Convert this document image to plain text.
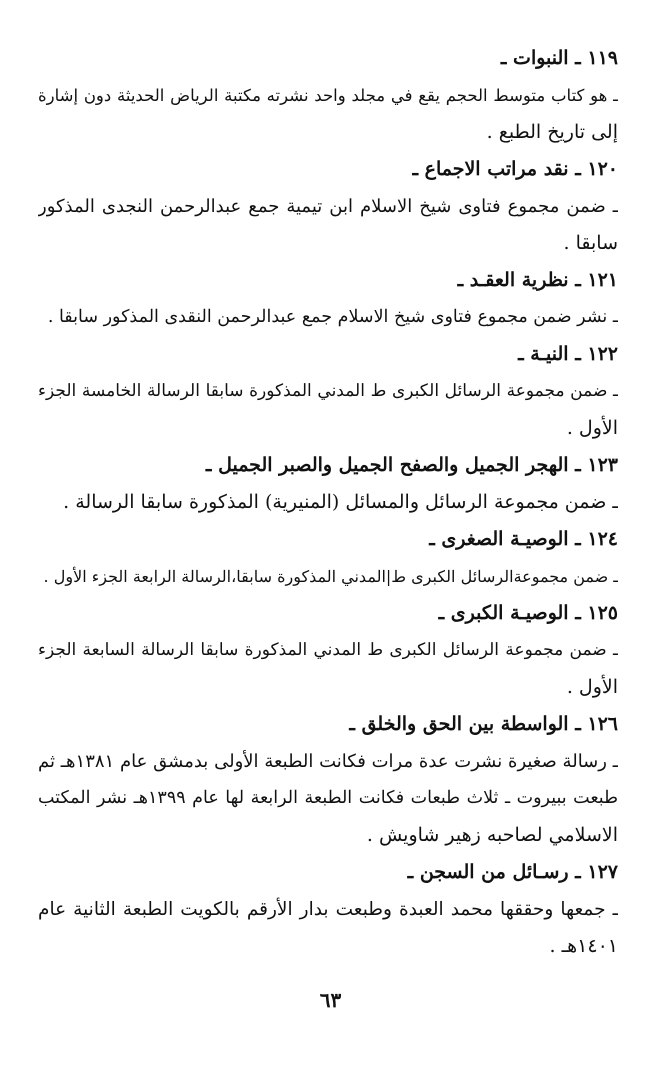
١١٩ ـ النبوات ـ
ـ هو كتاب متوسط الحجم يقع في مجلد واحد نشرته مكتبة الرياض الحديثة دون إشارة
إلى تاريخ الطبع .
١٢٠ ـ نقد مراتب الاجماع ـ
ـ ضمن مجموع فتاوى شيخ الاسلام ابن تيمية جمع عبدالرحمن النجدى المذكور
سابقا .
١٢١ ـ نظرية العقـد ـ
ـ نشر ضمن مجموع فتاوى شيخ الاسلام جمع عبدالرحمن النقدى المذكور سابقا .
١٢٢ ـ النيـة ـ
ـ ضمن مجموعة الرسائل الكبرى ط المدني المذكورة سابقا الرسالة الخامسة الجزء
الأول .
١٢٣ ـ الهجر الجميل والصفح الجميل والصبر الجميل ـ
ـ ضمن مجموعة الرسائل والمسائل (المنيرية) المذكورة سابقا الرسالة .
١٢٤ ـ الوصيـة الصغرى ـ
ـ ضمن مجموعةالرسائل الكبرى ط|المدني المذكورة سابقا،الرسالة الرابعة الجزء الأول .
١٢٥ ـ الوصيـة الكبرى ـ
ـ ضمن مجموعة الرسائل الكبرى ط المدني المذكورة سابقا الرسالة السابعة الجزء
الأول .
١٢٦ ـ الواسطة بين الحق والخلق ـ
ـ رسالة صغيرة نشرت عدة مرات فكانت الطبعة الأولى بدمشق عام ١٣٨١هـ ثم
طبعت ببيروت ـ ثلاث طبعات فكانت الطبعة الرابعة لها عام ١٣٩٩هـ نشر المكتب
الاسلامي لصاحبه زهير شاويش .
١٢٧ ـ رسـائل من السجن ـ
ـ جمعها وحققها محمد العبدة وطبعت بدار الأرقم بالكويت الطبعة الثانية عام
١٤٠١هـ .
٦٣
